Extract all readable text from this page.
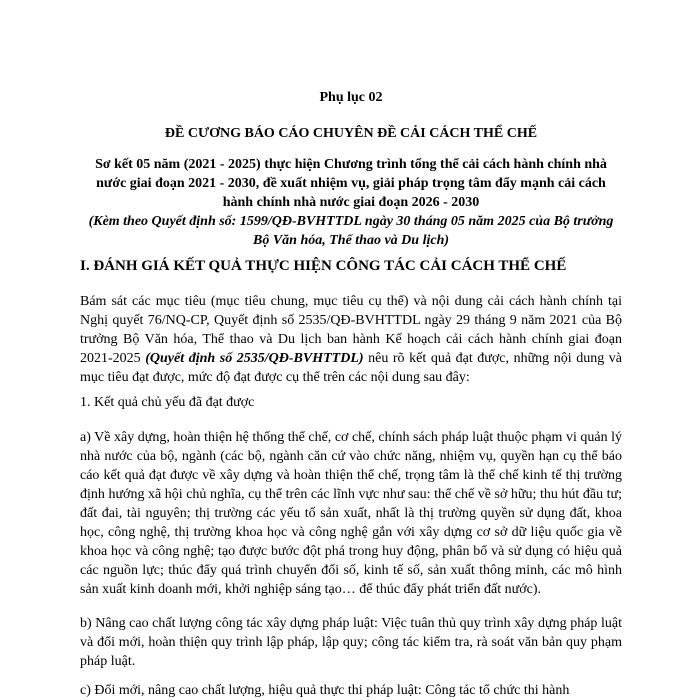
Phụ lục 02

ĐỀ CƯƠNG BÁO CÁO CHUYÊN ĐỀ CẢI CÁCH THỂ CHẾ

Sơ kết 05 năm (2021 - 2025) thực hiện Chương trình tổng thể cải cách hành chính nhà nước giai đoạn 2021 - 2030, đề xuất nhiệm vụ, giải pháp trọng tâm đẩy mạnh cải cách hành chính nhà nước giai đoạn 2026 - 2030

(Kèm theo Quyết định số: 1599/QĐ-BVHTTDL ngày 30 tháng 05 năm 2025 của Bộ trưởng Bộ Văn hóa, Thể thao và Du lịch)

I. ĐÁNH GIÁ KẾT QUẢ THỰC HIỆN CÔNG TÁC CẢI CÁCH THỂ CHẾ

Bám sát các mục tiêu (mục tiêu chung, mục tiêu cụ thể) và nội dung cải cách hành chính tại Nghị quyết 76/NQ-CP, Quyết định số 2535/QĐ-BVHTTDL ngày 29 tháng 9 năm 2021 của Bộ trưởng Bộ Văn hóa, Thể thao và Du lịch ban hành Kế hoạch cải cách hành chính giai đoạn 2021-2025 (Quyết định số 2535/QĐ-BVHTTDL) nêu rõ kết quả đạt được, những nội dung và mục tiêu đạt được, mức độ đạt được cụ thể trên các nội dung sau đây:

1. Kết quả chủ yếu đã đạt được

a) Về xây dựng, hoàn thiện hệ thống thể chế, cơ chế, chính sách pháp luật thuộc phạm vi quản lý nhà nước của bộ, ngành (các bộ, ngành căn cứ vào chức năng, nhiệm vụ, quyền hạn cụ thể báo cáo kết quả đạt được về xây dựng và hoàn thiện thể chế, trọng tâm là thể chế kinh tế thị trường định hướng xã hội chủ nghĩa, cụ thể trên các lĩnh vực như sau: thể chế về sở hữu; thu hút đầu tư; đất đai, tài nguyên; thị trường các yếu tố sản xuất, nhất là thị trường quyền sử dụng đất, khoa học, công nghệ, thị trường khoa học và công nghệ gắn với xây dựng cơ sở dữ liệu quốc gia về khoa học và công nghệ; tạo được bước đột phá trong huy động, phân bổ và sử dụng có hiệu quả các nguồn lực; thúc đẩy quá trình chuyển đổi số, kinh tế số, sản xuất thông minh, các mô hình sản xuất kinh doanh mới, khởi nghiệp sáng tạo… để thúc đẩy phát triển đất nước).

b) Nâng cao chất lượng công tác xây dựng pháp luật: Việc tuân thủ quy trình xây dựng pháp luật và đổi mới, hoàn thiện quy trình lập pháp, lập quy; công tác kiểm tra, rà soát văn bản quy phạm pháp luật.

c) Đổi mới, nâng cao chất lượng, hiệu quả thực thi pháp luật: Công tác tổ chức thi hành
